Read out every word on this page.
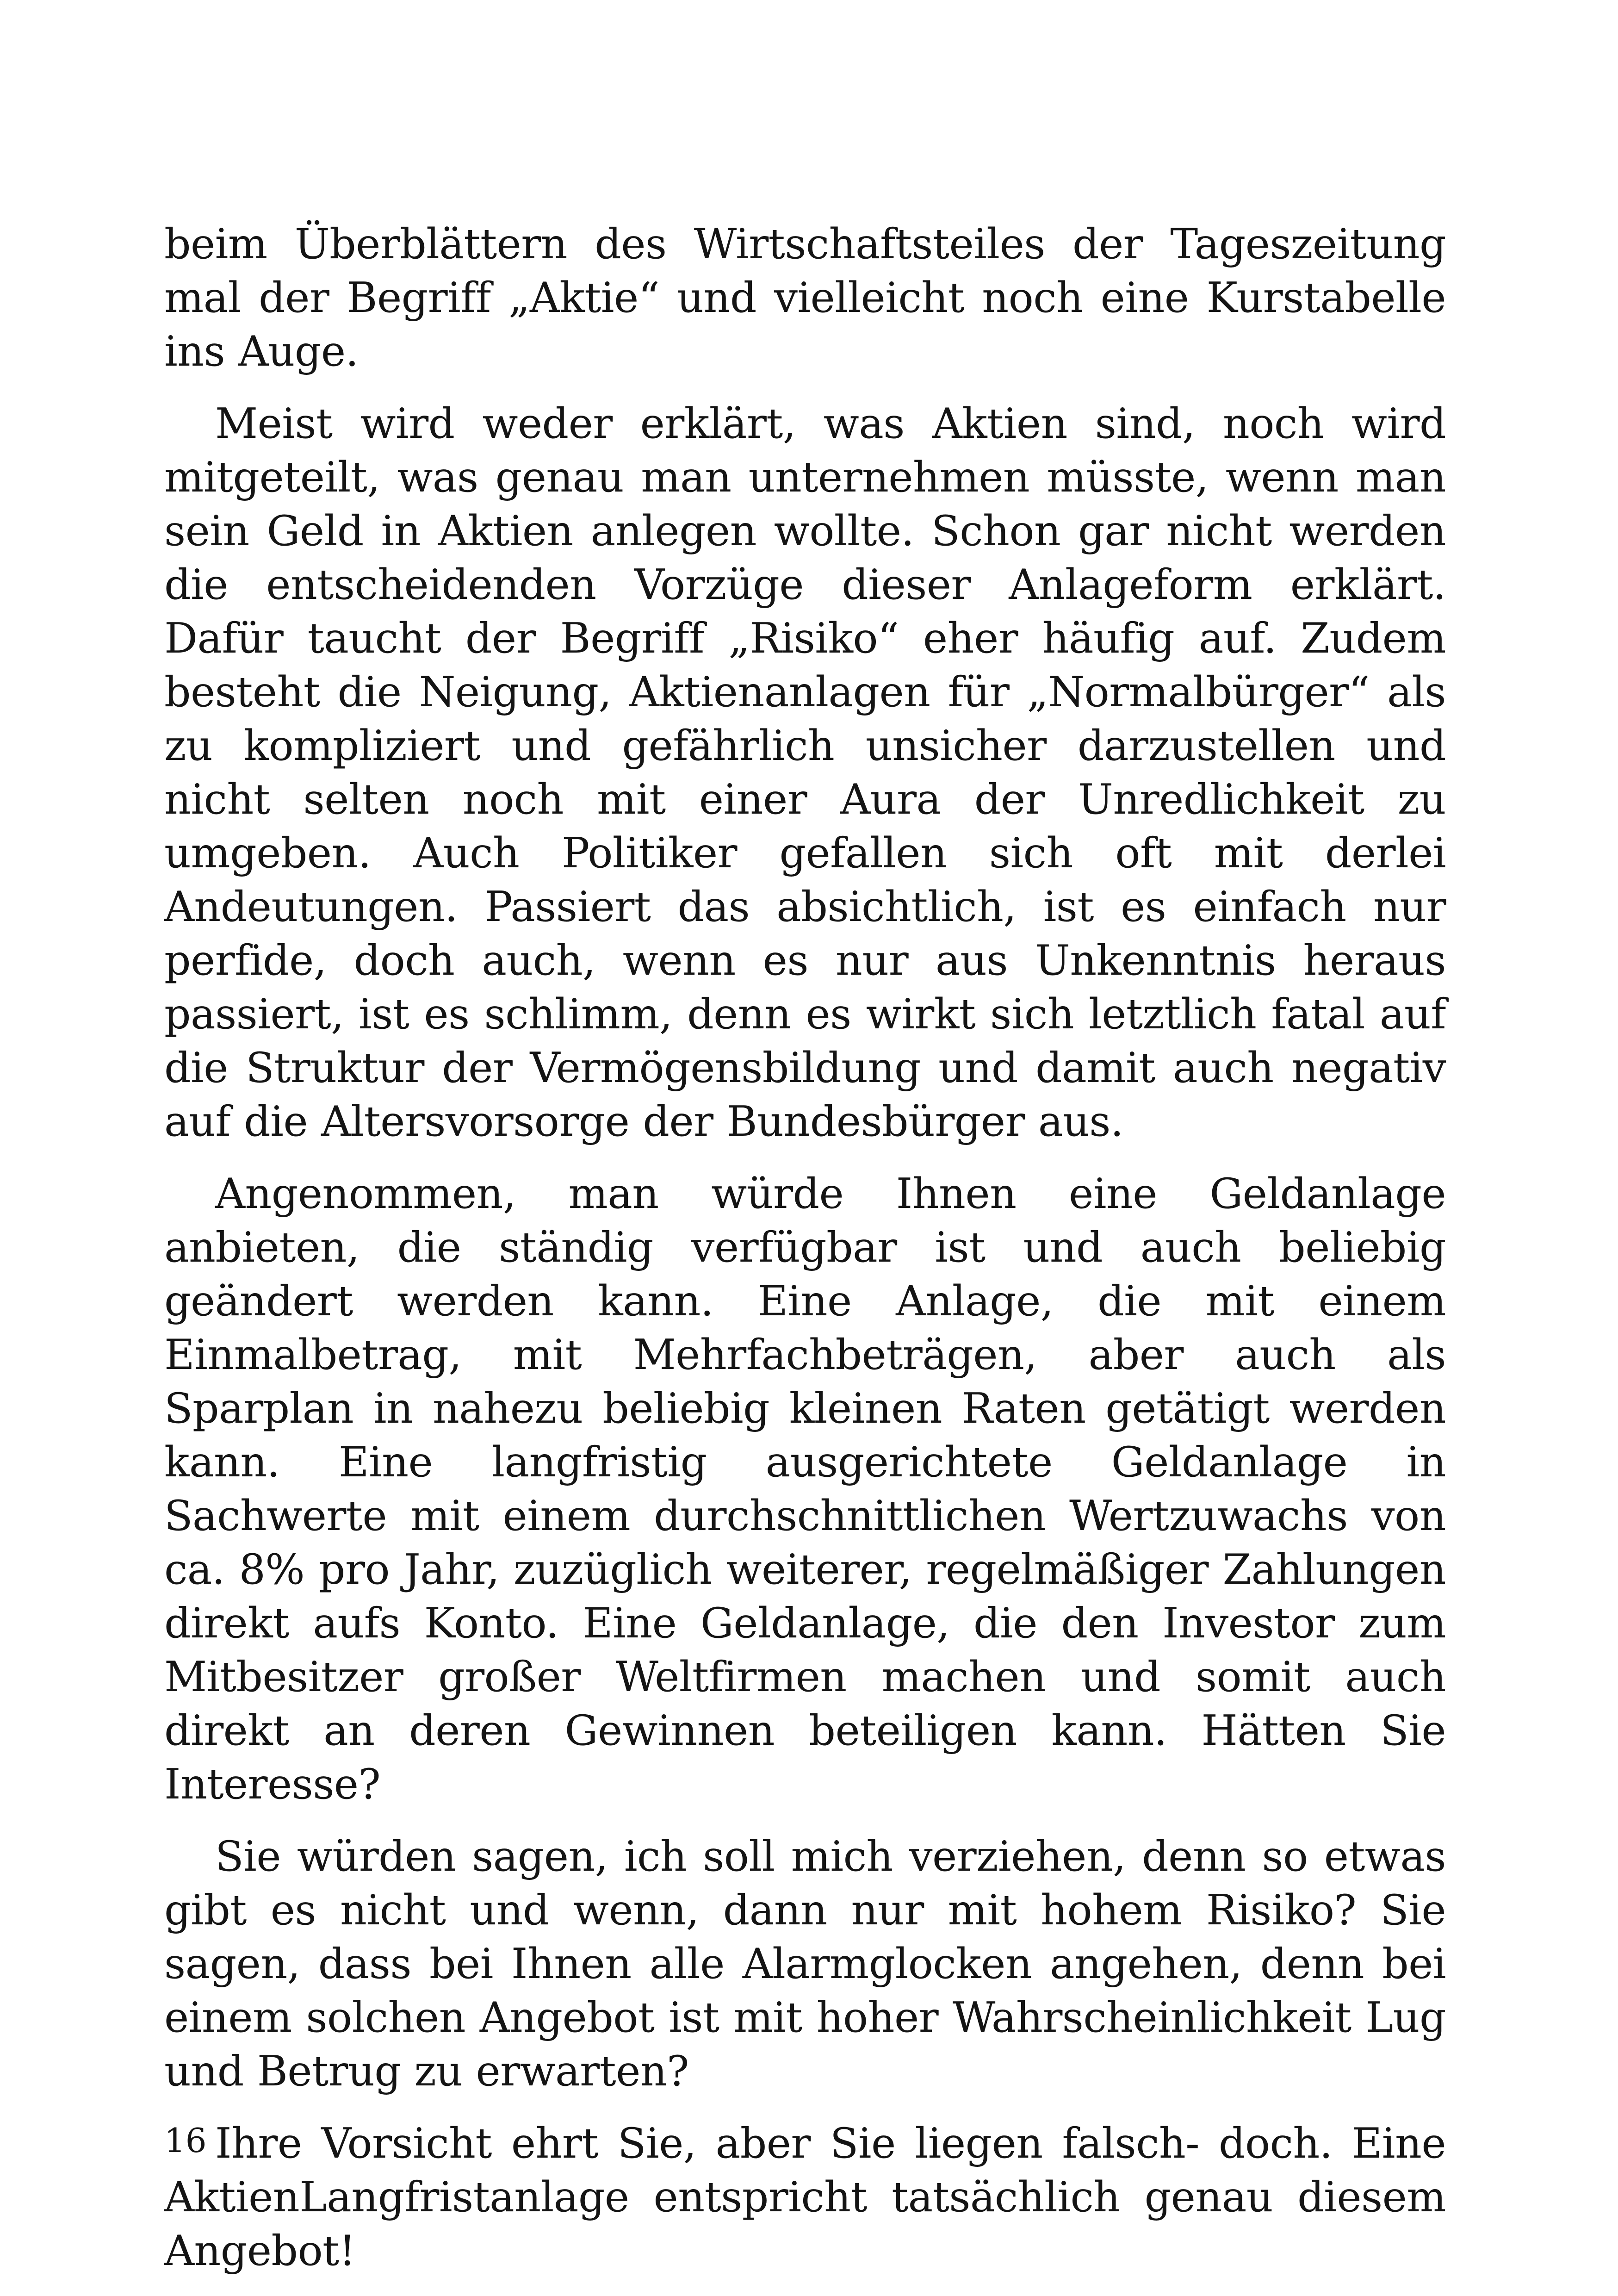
beim Überblättern des Wirtschaftsteiles der Tageszeitung mal der Begriff „Aktie“ und vielleicht noch eine Kurstabelle ins Auge.

Meist wird weder erklärt, was Aktien sind, noch wird mitgeteilt, was genau man unternehmen müsste, wenn man sein Geld in Aktien anlegen wollte. Schon gar nicht werden die entscheidenden Vorzüge dieser Anlageform erklärt. Dafür taucht der Begriff „Risiko“ eher häufig auf. Zudem besteht die Neigung, Aktienanlagen für „Normalbürger“ als zu kompliziert und gefährlich unsicher darzustellen und nicht selten noch mit einer Aura der Unredlichkeit zu umgeben. Auch Politiker gefallen sich oft mit derlei Andeutungen. Passiert das absichtlich, ist es einfach nur perfide, doch auch, wenn es nur aus Unkenntnis heraus passiert, ist es schlimm, denn es wirkt sich letztlich fatal auf die Struktur der Vermögensbildung und damit auch negativ auf die Altersvorsorge der Bundesbürger aus.

Angenommen, man würde Ihnen eine Geldanlage anbieten, die ständig verfügbar ist und auch beliebig geändert werden kann. Eine Anlage, die mit einem Einmalbetrag, mit Mehrfachbeträgen, aber auch als Sparplan in nahezu beliebig kleinen Raten getätigt werden kann. Eine langfristig ausgerichtete Geldanlage in Sachwerte mit einem durchschnittlichen Wertzuwachs von ca. 8% pro Jahr, zuzüglich weiterer, regelmäßiger Zahlungen direkt aufs Konto. Eine Geldanlage, die den Investor zum Mitbesitzer großer Weltfirmen machen und somit auch direkt an deren Gewinnen beteiligen kann. Hätten Sie Interesse?

Sie würden sagen, ich soll mich verziehen, denn so etwas gibt es nicht und wenn, dann nur mit hohem Risiko? Sie sagen, dass bei Ihnen alle Alarmglocken angehen, denn bei einem solchen Angebot ist mit hoher Wahrscheinlichkeit Lug und Betrug zu erwarten?

Ihre Vorsicht ehrt Sie, aber Sie liegen falsch- doch. Eine AktienLangfristanlage entspricht tatsächlich genau diesem Angebot!

16
